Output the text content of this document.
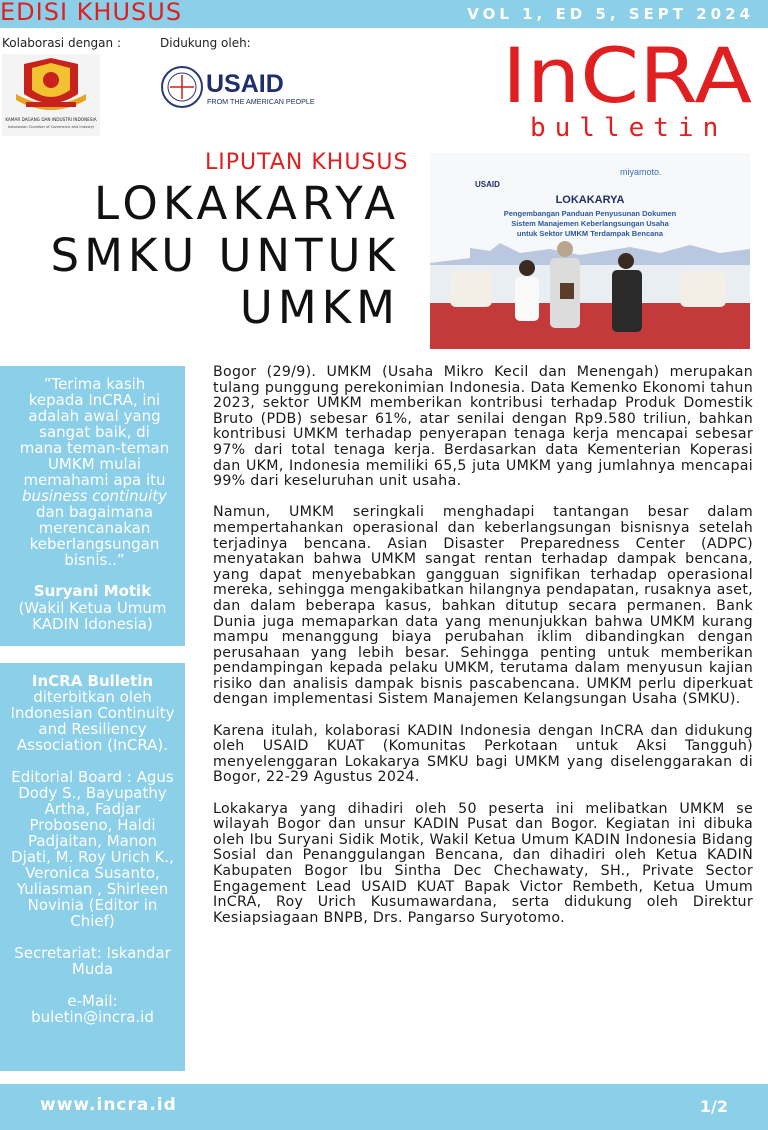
EDISI KHUSUS	VOL 1, ED 5, SEPT 2024
Kolaborasi dengan :	Didukung oleh:
KAMAR DAGANG DAN INDUSTRI INDONESIA
Indonesian Chamber of Commerce and Industry
USAID
FROM THE AMERICAN PEOPLE InCRA
bulletin
LIPUTAN KHUSUS
LOKAKARYA
SMKU UNTUK
UMKM
USAID
miyamoto.
LOKAKARYA
Pengembangan Panduan Penyusunan Dokumen
Sistem Manajemen Keberlangsungan Usaha
untuk Sektor UMKM Terdampak Bencana
”Terima kasih kepada InCRA, ini adalah awal yang sangat baik, di mana teman-teman UMKM mulai memahami apa itu business continuity dan bagaimana merencanakan keberlangsungan bisnis..”
Suryani Motik
(Wakil Ketua Umum KADIN Idonesia)
InCRA Bulletin
diterbitkan oleh Indonesian Continuity and Resiliency Association (InCRA).
Editorial Board : Agus Dody S., Bayupathy Artha, Fadjar Proboseno, Haldi Padjaitan, Manon Djati, M. Roy Urich K., Veronica Susanto, Yuliasman , Shirleen Novinia (Editor in Chief)
Secretariat: Iskandar Muda
e-Mail: buletin@incra.id

Bogor (29/9). UMKM (Usaha Mikro Kecil dan Menengah) merupakan tulang punggung perekonimian Indonesia. Data Kemenko Ekonomi tahun 2023, sektor UMKM memberikan kontribusi terhadap Produk Domestik Bruto (PDB) sebesar 61%, atar senilai dengan Rp9.580 triliun, bahkan kontribusi UMKM terhadap penyerapan tenaga kerja mencapai sebesar 97% dari total tenaga kerja. Berdasarkan data Kementerian Koperasi dan UKM, Indonesia memiliki 65,5 juta UMKM yang jumlahnya mencapai 99% dari keseluruhan unit usaha.

Namun, UMKM seringkali menghadapi tantangan besar dalam mempertahankan operasional dan keberlangsungan bisnisnya setelah terjadinya bencana. Asian Disaster Preparedness Center (ADPC) menyatakan bahwa UMKM sangat rentan terhadap dampak bencana, yang dapat menyebabkan gangguan signifikan terhadap operasional mereka, sehingga mengakibatkan hilangnya pendapatan, rusaknya aset, dan dalam beberapa kasus, bahkan ditutup secara permanen. Bank Dunia juga memaparkan data yang menunjukkan bahwa UMKM kurang mampu menanggung biaya perubahan iklim dibandingkan dengan perusahaan yang lebih besar. Sehingga penting untuk memberikan pendampingan kepada pelaku UMKM, terutama dalam menyusun kajian risiko dan analisis dampak bisnis pascabencana. UMKM perlu diperkuat dengan implementasi Sistem Manajemen Kelangsungan Usaha (SMKU).

Karena itulah, kolaborasi KADIN Indonesia dengan InCRA dan didukung oleh USAID KUAT (Komunitas Perkotaan untuk Aksi Tangguh) menyelenggaran Lokakarya SMKU bagi UMKM yang diselenggarakan di Bogor, 22-29 Agustus 2024.

Lokakarya yang dihadiri oleh 50 peserta ini melibatkan UMKM se wilayah Bogor dan unsur KADIN Pusat dan Bogor. Kegiatan ini dibuka oleh Ibu Suryani Sidik Motik, Wakil Ketua Umum KADIN Indonesia Bidang Sosial dan Penanggulangan Bencana, dan dihadiri oleh Ketua KADIN Kabupaten Bogor Ibu Sintha Dec Chechawaty, SH., Private Sector Engagement Lead USAID KUAT Bapak Victor Rembeth, Ketua Umum InCRA, Roy Urich Kusumawardana, serta didukung oleh Direktur Kesiapsiagaan BNPB, Drs. Pangarso Suryotomo.

www.incra.id	1/2
